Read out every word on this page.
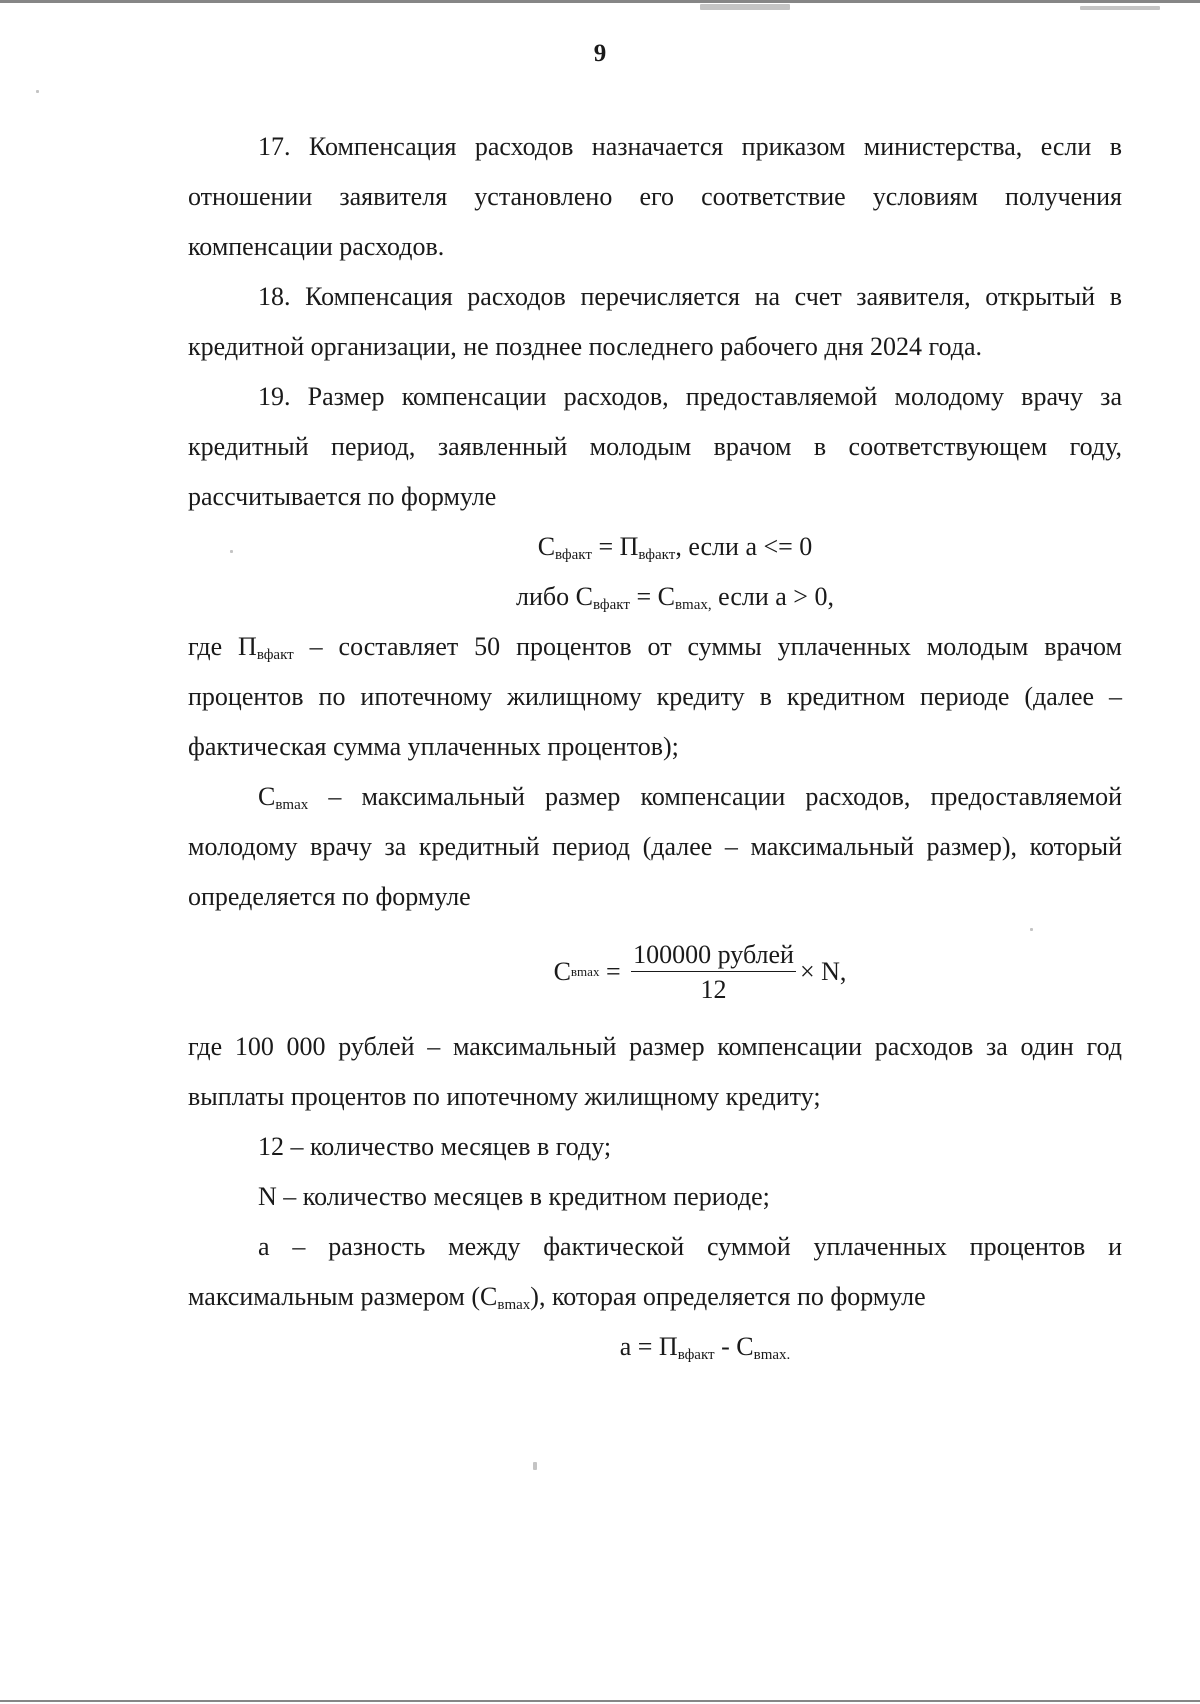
9

17. Компенсация расходов назначается приказом министерства, если в отношении заявителя установлено его соответствие условиям получения компенсации расходов.

18. Компенсация расходов перечисляется на счет заявителя, открытый в кредитной организации, не позднее последнего рабочего дня 2024 года.

19. Размер компенсации расходов, предоставляемой молодому врачу за кредитный период, заявленный молодым врачом в соответствующем году, рассчитывается по формуле

$С_{вфакт} = П_{вфакт}$, если а <= 0

либо $С_{вфакт} = С_{вmax,}$ если а > 0,

где $П_{вфакт}$ – составляет 50 процентов от суммы уплаченных молодым врачом процентов по ипотечному жилищному кредиту в кредитном периоде (далее – фактическая сумма уплаченных процентов);

$С_{вmax}$ – максимальный размер компенсации расходов, предоставляемой молодому врачу за кредитный период (далее – максимальный размер), который определяется по формуле

С $в\max = \frac{\text{100000 рублей}}{12} \times N$,

где 100 000 рублей – максимальный размер компенсации расходов за один год выплаты процентов по ипотечному жилищному кредиту;

12 – количество месяцев в году;

N – количество месяцев в кредитном периоде;

а – разность между фактической суммой уплаченных процентов и максимальным размером $(С_{вmax})$, которая определяется по формуле

$а = П_{вфакт} - С_{вmax.}$
